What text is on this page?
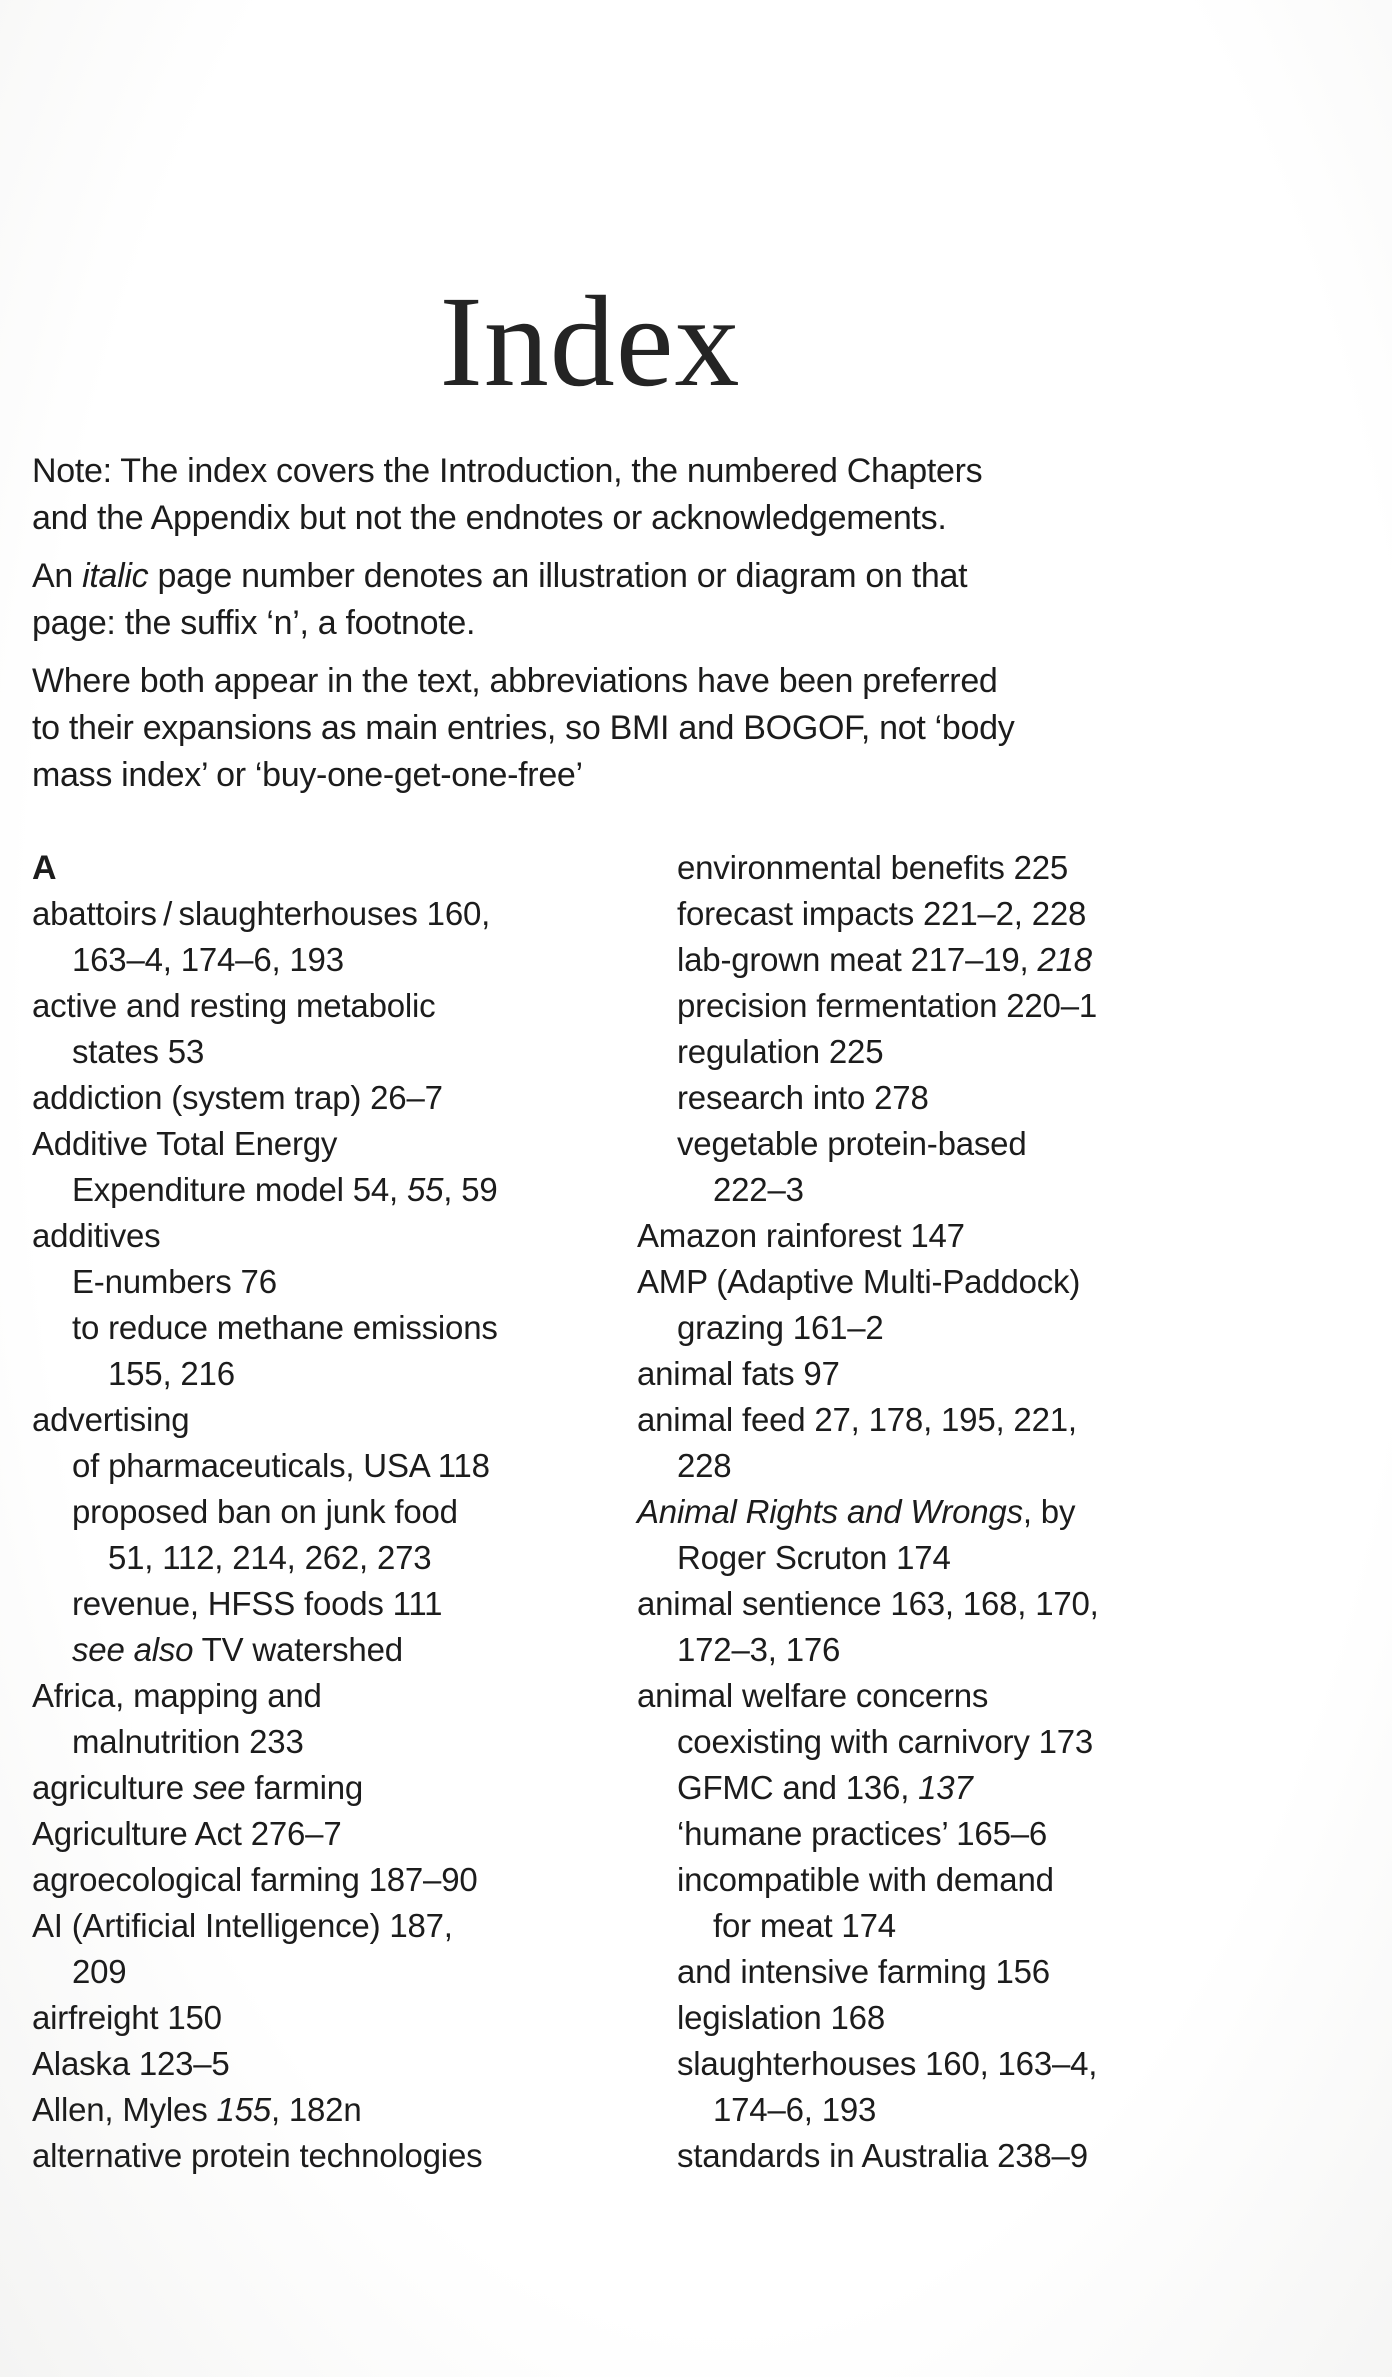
Index
Note: The index covers the Introduction, the numbered Chapters
and the Appendix but not the endnotes or acknowledgements.
An italic page number denotes an illustration or diagram on that
page: the suffix ‘n’, a footnote.
Where both appear in the text, abbreviations have been preferred
to their expansions as main entries, so BMI and BOGOF, not ‘body
mass index’ or ‘buy-one-get-one-free’
A
abattoirs / slaughterhouses 160,
163–4, 174–6, 193
active and resting metabolic
states 53
addiction (system trap) 26–7
Additive Total Energy
Expenditure model 54, 55, 59
additives
E-numbers 76
to reduce methane emissions
155, 216
advertising
of pharmaceuticals, USA 118
proposed ban on junk food
51, 112, 214, 262, 273
revenue, HFSS foods 111
see also TV watershed
Africa, mapping and
malnutrition 233
agriculture see farming
Agriculture Act 276–7
agroecological farming 187–90
AI (Artificial Intelligence) 187,
209
airfreight 150
Alaska 123–5
Allen, Myles 155, 182n
alternative protein technologies
environmental benefits 225
forecast impacts 221–2, 228
lab-grown meat 217–19, 218
precision fermentation 220–1
regulation 225
research into 278
vegetable protein-based
222–3
Amazon rainforest 147
AMP (Adaptive Multi-Paddock)
grazing 161–2
animal fats 97
animal feed 27, 178, 195, 221,
228
Animal Rights and Wrongs, by
Roger Scruton 174
animal sentience 163, 168, 170,
172–3, 176
animal welfare concerns
coexisting with carnivory 173
GFMC and 136, 137
‘humane practices’ 165–6
incompatible with demand
for meat 174
and intensive farming 156
legislation 168
slaughterhouses 160, 163–4,
174–6, 193
standards in Australia 238–9
